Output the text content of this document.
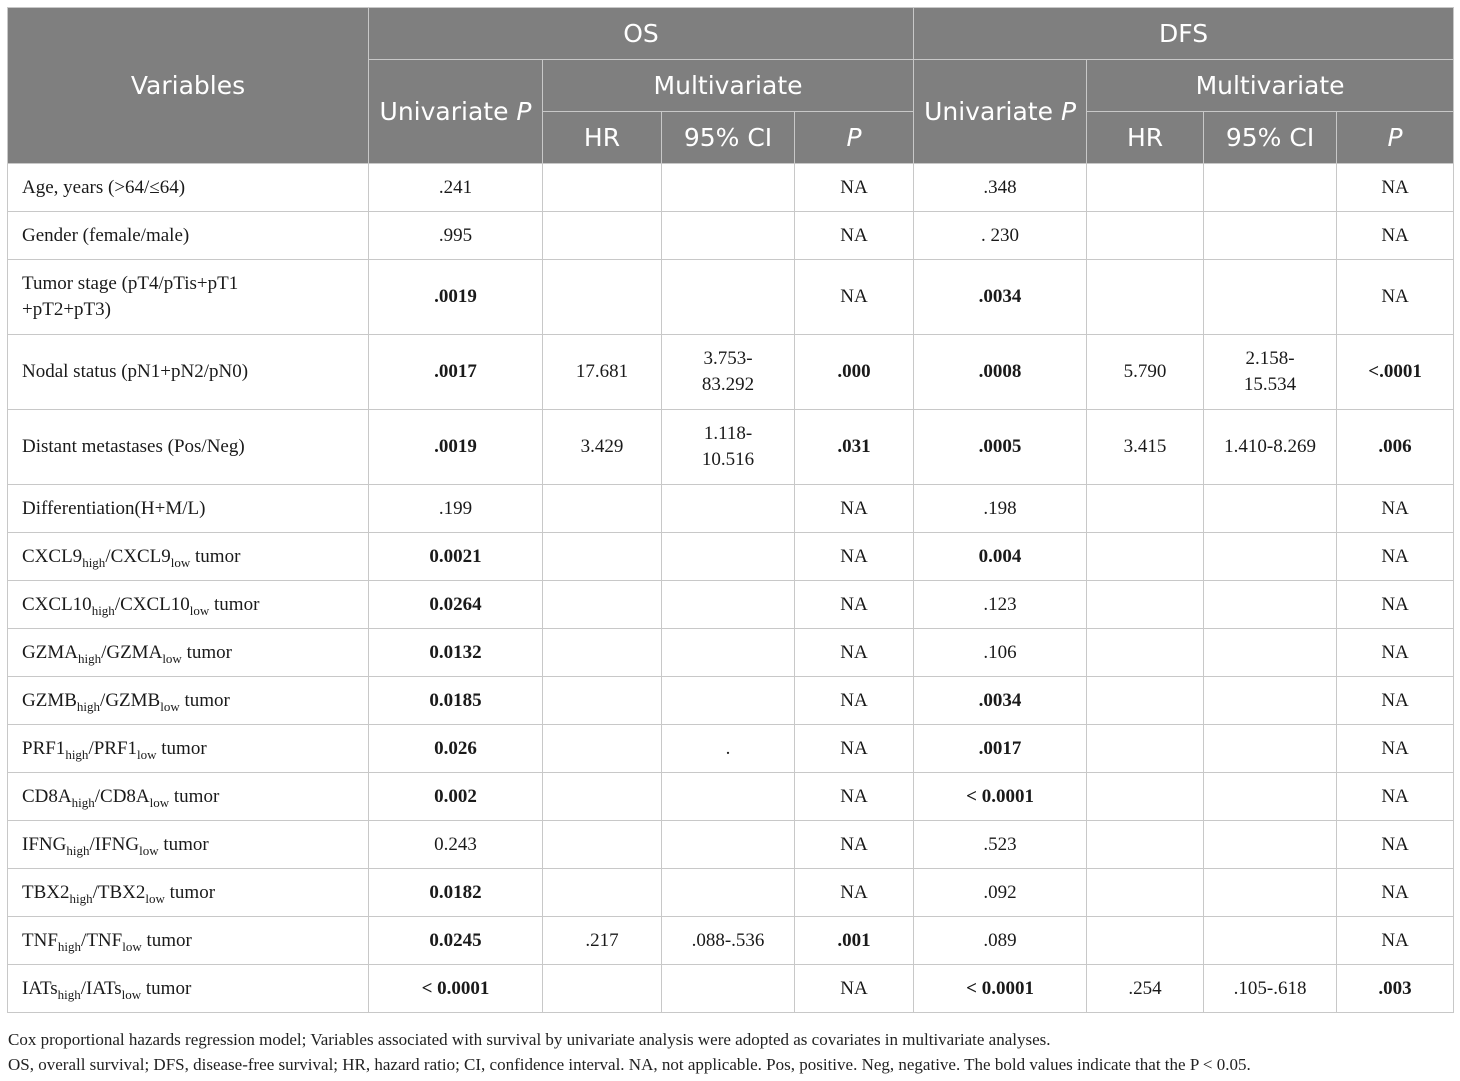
Variables	OS				DFS			
	Univariate P	Multivariate			Univariate P	Multivariate		
		HR	95% CI	P		HR	95% CI	P
Age, years (>64/≤64)	.241			NA	.348			NA
Gender (female/male)	.995			NA	. 230			NA
Tumor stage (pT4/pTis+pT1
+pT2+pT3)	.0019			NA	.0034			NA
Nodal status (pN1+pN2/pN0)	.0017	17.681	3.753-
83.292	.000	.0008	5.790	2.158-
15.534	<.0001
Distant metastases (Pos/Neg)	.0019	3.429	1.118-
10.516	.031	.0005	3.415	1.410-8.269	.006
Differentiation(H+M/L)	.199			NA	.198			NA
$CXCL9_{high}/CXCL9_{low}$ tumor	0.0021			NA	0.004			NA
$CXCL10_{high}/CXCL10_{low}$ tumor	0.0264			NA	.123			NA
$GZMA_{high}/GZMA_{low}$ tumor	0.0132			NA	.106			NA
$GZMB_{high}/GZMB_{low}$ tumor	0.0185			NA	.0034			NA
$PRF1_{high}/PRF1_{low}$ tumor	0.026		.	NA	.0017			NA
$CD8A_{high}/CD8A_{low}$ tumor	0.002			NA	< 0.0001			NA
$IFNG_{high}/IFNG_{low}$ tumor	0.243			NA	.523			NA
$TBX2_{high}/TBX2_{low}$ tumor	0.0182			NA	.092			NA
$TNF_{high}/TNF_{low}$ tumor	0.0245	.217	.088-.536	.001	.089			NA
IATs$_{high}$/IATs$_{low}$ tumor	< 0.0001			NA	< 0.0001	.254	.105-.618	.003
Cox proportional hazards regression model; Variables associated with survival by univariate analysis were adopted as covariates in multivariate analyses.
OS, overall survival; DFS, disease-free survival; HR, hazard ratio; CI, confidence interval. NA, not applicable. Pos, positive. Neg, negative. The bold values indicate that the P < 0.05.
